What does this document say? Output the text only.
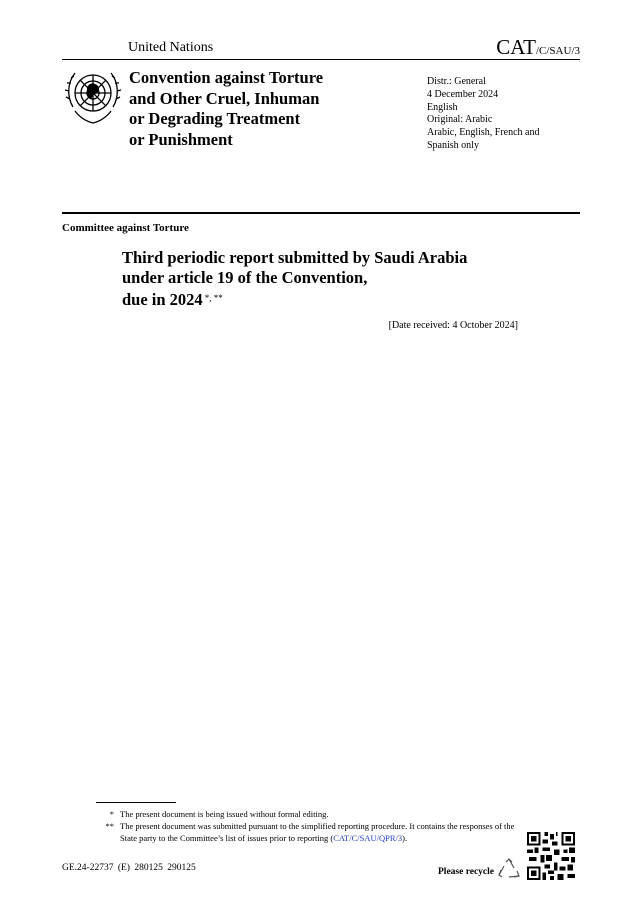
United Nations	CAT/C/SAU/3
Convention against Torture
and Other Cruel, Inhuman
or Degrading Treatment
or Punishment
Distr.: General
4 December 2024
English
Original: Arabic
Arabic, English, French and
Spanish only
Committee against Torture
Third periodic report submitted by Saudi Arabia
under article 19 of the Convention,
due in 2024 *, **
[Date received: 4 October 2024]
* The present document is being issued without formal editing.
** The present document was submitted pursuant to the simplified reporting procedure. It contains the responses of the State party to the Committee’s list of issues prior to reporting (CAT/C/SAU/QPR/3).
GE.24-22737 (E) 280125 290125	Please recycle
